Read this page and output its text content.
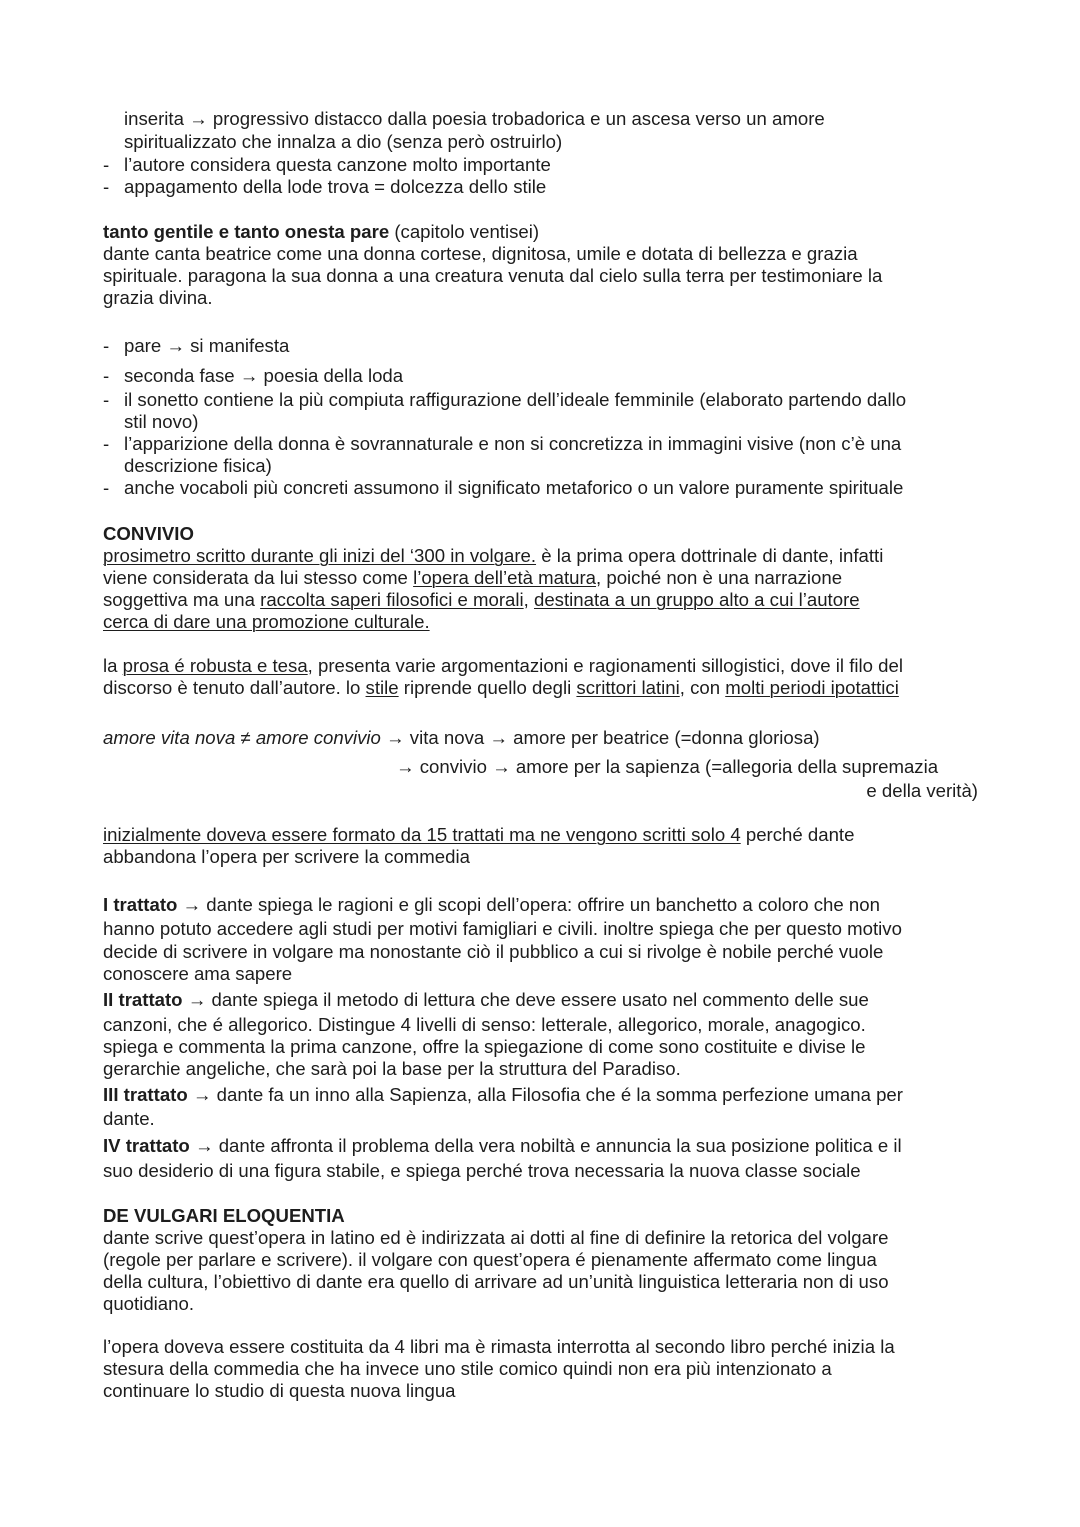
inserita → progressivo distacco dalla poesia trobadorica e un ascesa verso un amore
spiritualizzato che innalza a dio (senza però ostruirlo)
- l’autore considera questa canzone molto importante
- appagamento della lode trova = dolcezza dello stile
tanto gentile e tanto onesta pare (capitolo ventisei)
dante canta beatrice come una donna cortese, dignitosa, umile e dotata di bellezza e grazia
spirituale. paragona la sua donna a una creatura venuta dal cielo sulla terra per testimoniare la
grazia divina.
- pare → si manifesta
- seconda fase → poesia della loda
- il sonetto contiene la più compiuta raffigurazione dell’ideale femminile (elaborato partendo dallo
stil novo)
- l’apparizione della donna è sovrannaturale e non si concretizza in immagini visive (non c’è una
descrizione fisica)
- anche vocaboli più concreti assumono il significato metaforico o un valore puramente spirituale
CONVIVIO
prosimetro scritto durante gli inizi del ‘300 in volgare. è la prima opera dottrinale di dante, infatti
viene considerata da lui stesso come l’opera dell’età matura, poiché non è una narrazione
soggettiva ma una raccolta saperi filosofici e morali, destinata a un gruppo alto a cui l’autore
cerca di dare una promozione culturale.
la prosa é robusta e tesa, presenta varie argomentazioni e ragionamenti sillogistici, dove il filo del
discorso è tenuto dall’autore. lo stile riprende quello degli scrittori latini, con molti periodi ipotattici
amore vita nova ≠ amore convivio → vita nova → amore per beatrice (=donna gloriosa)
→ convivio → amore per la sapienza (=allegoria della supremazia
e della verità)
inizialmente doveva essere formato da 15 trattati ma ne vengono scritti solo 4 perché dante
abbandona l’opera per scrivere la commedia
I trattato → dante spiega le ragioni e gli scopi dell’opera: offrire un banchetto a coloro che non
hanno potuto accedere agli studi per motivi famigliari e civili. inoltre spiega che per questo motivo
decide di scrivere in volgare ma nonostante ciò il pubblico a cui si rivolge è nobile perché vuole
conoscere ama sapere
II trattato → dante spiega il metodo di lettura che deve essere usato nel commento delle sue
canzoni, che é allegorico. Distingue 4 livelli di senso: letterale, allegorico, morale, anagogico.
spiega e commenta la prima canzone, offre la spiegazione di come sono costituite e divise le
gerarchie angeliche, che sarà poi la base per la struttura del Paradiso.
III trattato → dante fa un inno alla Sapienza, alla Filosofia che é la somma perfezione umana per
dante.
IV trattato → dante affronta il problema della vera nobiltà e annuncia la sua posizione politica e il
suo desiderio di una figura stabile, e spiega perché trova necessaria la nuova classe sociale
DE VULGARI ELOQUENTIA
dante scrive quest’opera in latino ed è indirizzata ai dotti al fine di definire la retorica del volgare
(regole per parlare e scrivere). il volgare con quest’opera é pienamente affermato come lingua
della cultura, l’obiettivo di dante era quello di arrivare ad un’unità linguistica letteraria non di uso
quotidiano.
l’opera doveva essere costituita da 4 libri ma è rimasta interrotta al secondo libro perché inizia la
stesura della commedia che ha invece uno stile comico quindi non era più intenzionato a
continuare lo studio di questa nuova lingua
